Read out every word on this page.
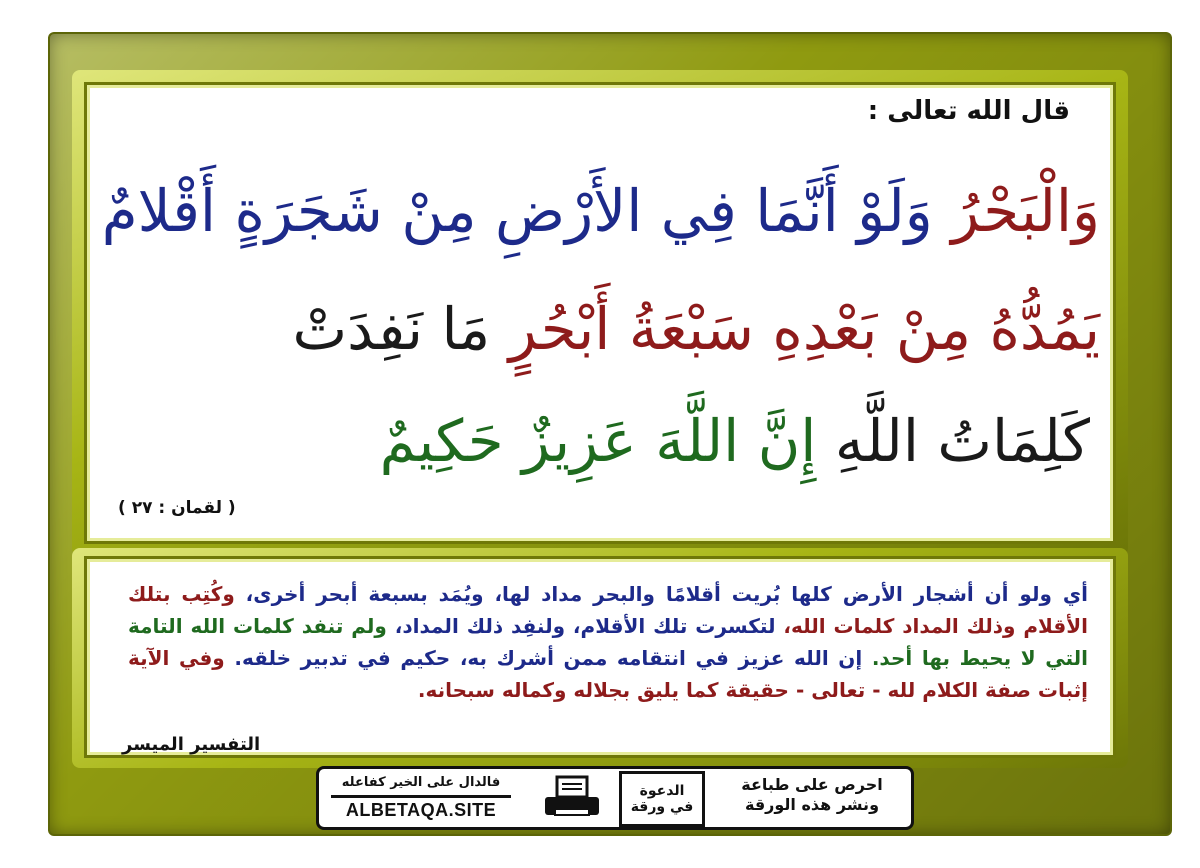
قال الله تعالى :
وَالْبَحْرُ وَلَوْ أَنَّمَا فِي الأَرْضِ مِنْ شَجَرَةٍ أَقْلامٌ
يَمُدُّهُ مِنْ بَعْدِهِ سَبْعَةُ أَبْحُرٍ مَا نَفِدَتْ
كَلِمَاتُ اللَّهِ إِنَّ اللَّهَ عَزِيزٌ حَكِيمٌ
( لقمان : ٢٧ )
أي ولو أن أشجار الأرض كلها بُريت أقلامًا والبحر مداد لها، ويُمَد بسبعة أبحر أخرى، وكُتِب بتلك الأقلام وذلك المداد كلمات الله، لتكسرت تلك الأقلام، ولنفِد ذلك المداد، ولم تنفد كلمات الله التامة التي لا يحيط بها أحد. إن الله عزيز في انتقامه ممن أشرك به، حكيم في تدبير خلقه. وفي الآية إثبات صفة الكلام لله - تعالى - حقيقة كما يليق بجلاله وكماله سبحانه.
التفسير الميسر
فالدال على الخير كفاعله
ALBETAQA.SITE
الدعوة
في ورقة
احرص على طباعة
ونشر هذه الورقة
